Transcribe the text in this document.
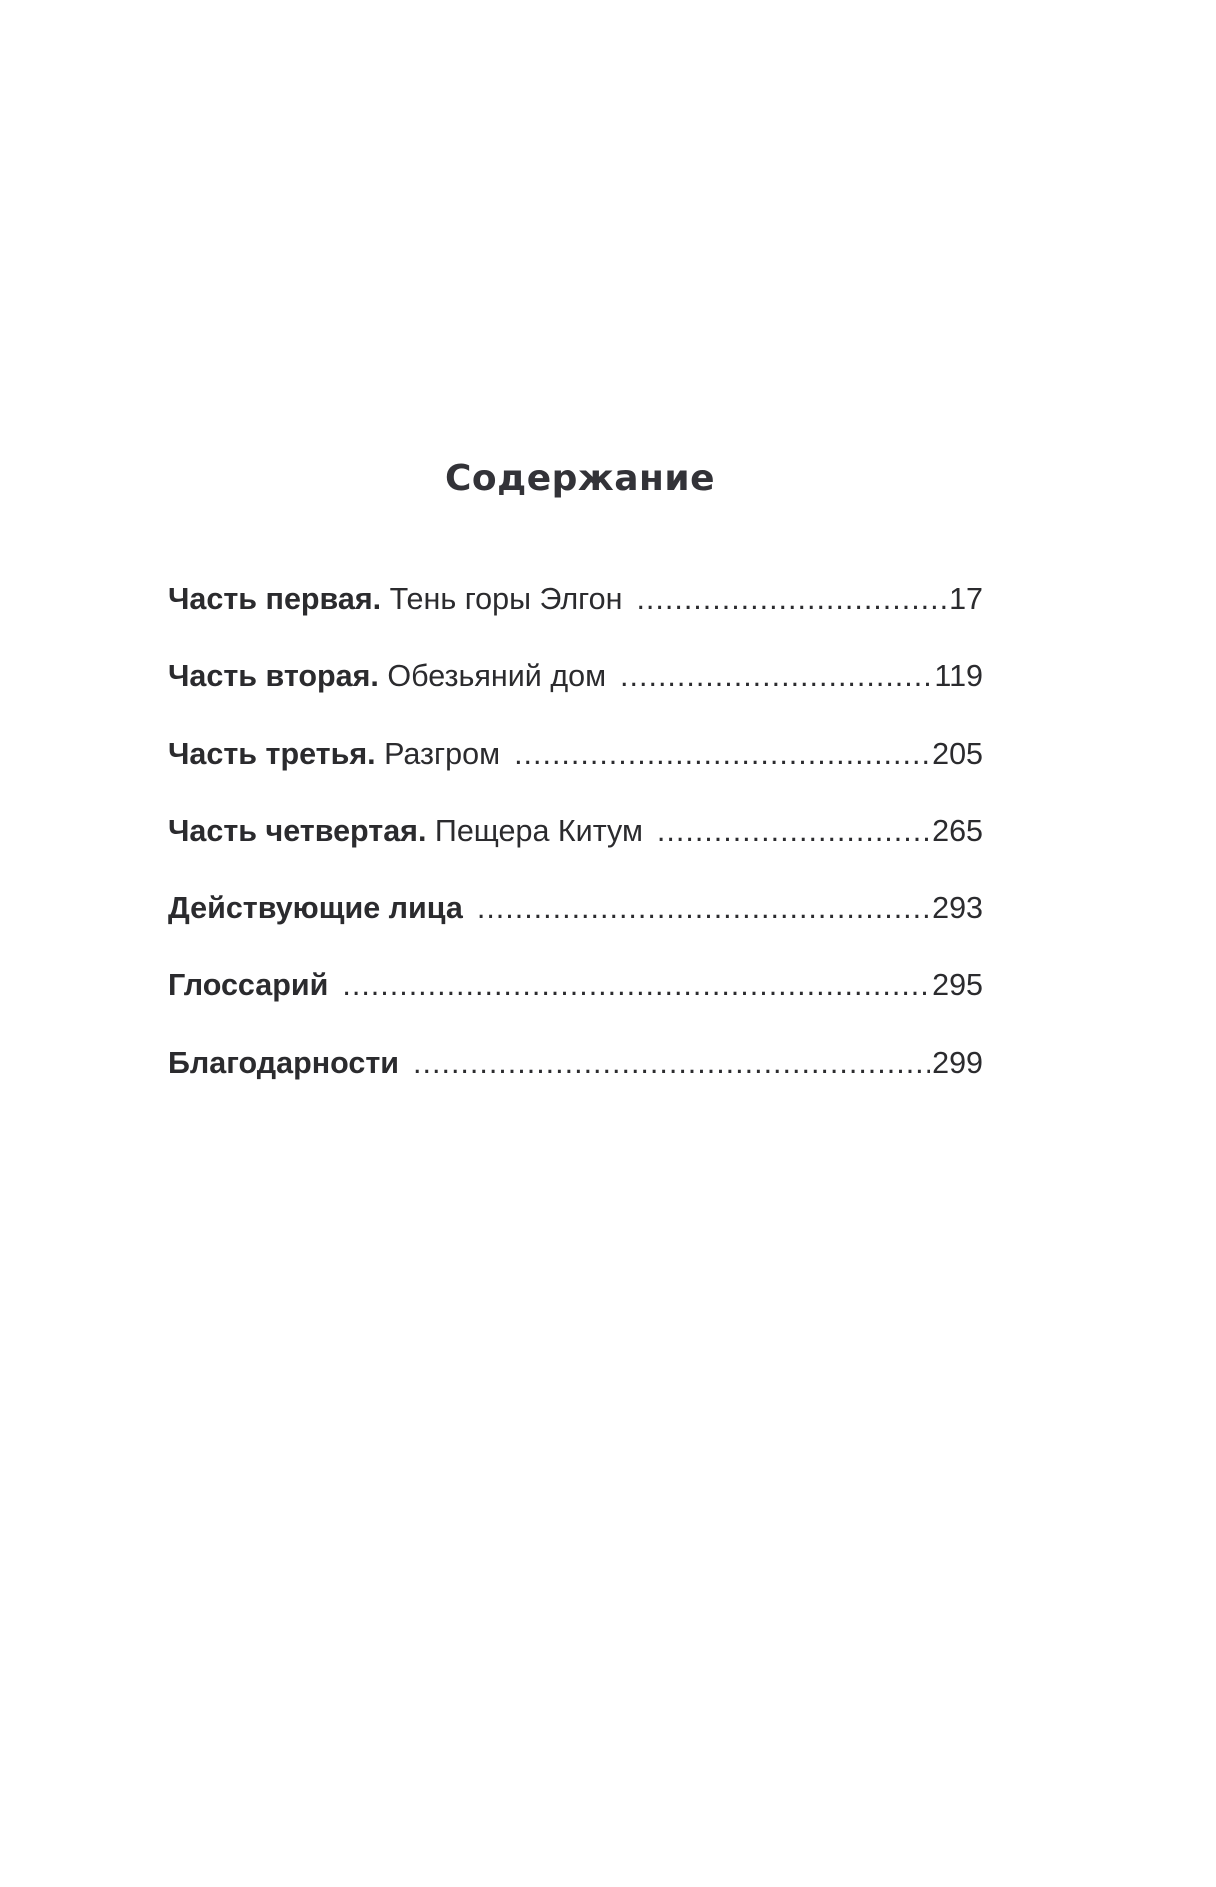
Содержание
Часть первая. Тень горы Элгон .....	17
Часть вторая. Обезьяний дом .....	119
Часть третья. Разгром .....	205
Часть четвертая. Пещера Китум .....	265
Действующие лица .....	293
Глоссарий .....	295
Благодарности .....	299
